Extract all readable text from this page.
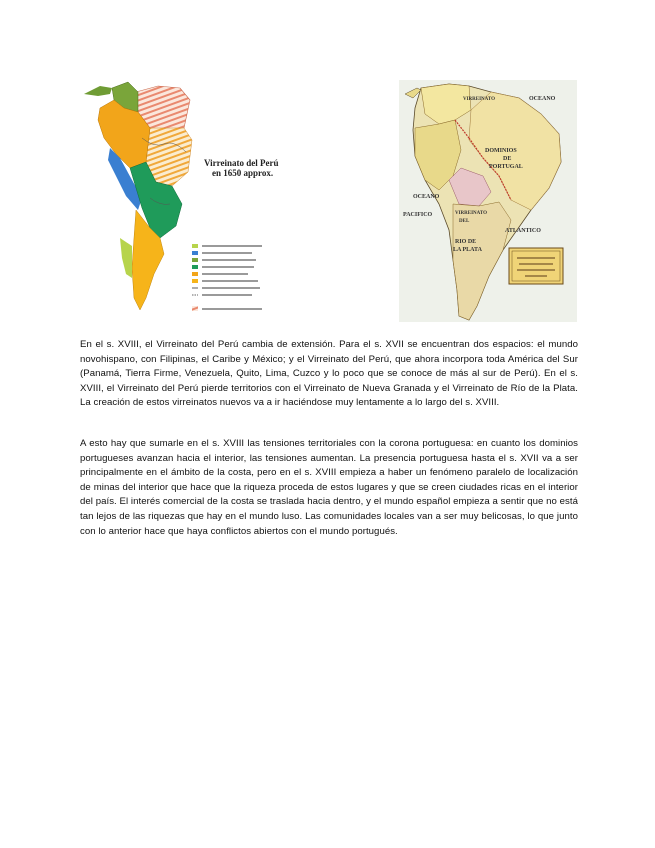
Virreinato del Perú
en 1650 approx.
OCEANO
VIRREINATO
DOMINIOS
DE
PORTUGAL
OCEANO
PACIFICO	VIRREINATO
DEL
RIO DE
LA PLATA
ATLANTICO

En el s. XVIII, el Virreinato del Perú cambia de extensión. Para el s. XVII se encuentran dos espacios: el mundo novohispano, con Filipinas, el Caribe y México; y el Virreinato del Perú, que ahora incorpora toda América del Sur (Panamá, Tierra Firme, Venezuela, Quito, Lima, Cuzco y lo poco que se conoce de más al sur de Perú). En el s. XVIII, el Virreinato del Perú pierde territorios con el Virreinato de Nueva Granada y el Virreinato de Río de la Plata. La creación de estos virreinatos nuevos va a ir haciéndose muy lentamente a lo largo del s. XVIII.

A esto hay que sumarle en el s. XVIII las tensiones territoriales con la corona portuguesa: en cuanto los dominios portugueses avanzan hacia el interior, las tensiones aumentan. La presencia portuguesa hasta el s. XVII va a ser principalmente en el ámbito de la costa, pero en el s. XVIII empieza a haber un fenómeno paralelo de localización de minas del interior que hace que la riqueza proceda de estos lugares y que se creen ciudades ricas en el interior del país. El interés comercial de la costa se traslada hacia dentro, y el mundo español empieza a sentir que no está tan lejos de las riquezas que hay en el mundo luso. Las comunidades locales van a ser muy belicosas, lo que junto con lo anterior hace que haya conflictos abiertos con el mundo portugués.
